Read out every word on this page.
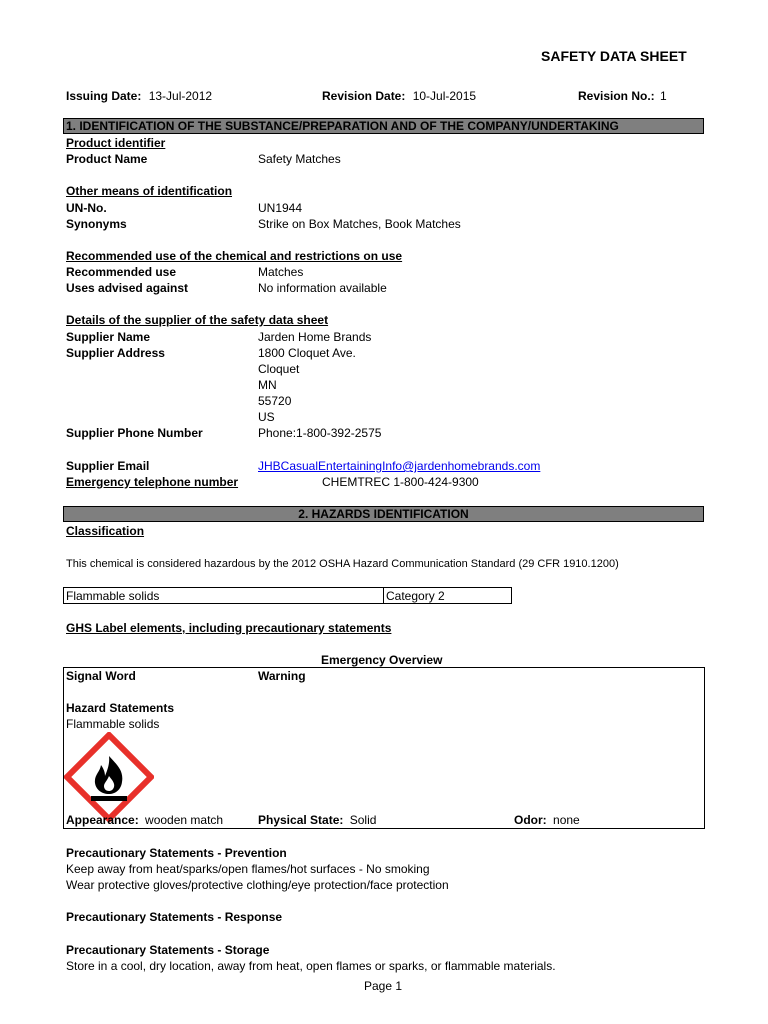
SAFETY DATA SHEET
Issuing Date: 13-Jul-2012	Revision Date: 10-Jul-2015	Revision No.: 1
1. IDENTIFICATION OF THE SUBSTANCE/PREPARATION AND OF THE COMPANY/UNDERTAKING
Product identifier
Product Name	Safety Matches
Other means of identification
UN-No.	UN1944
Synonyms	Strike on Box Matches, Book Matches
Recommended use of the chemical and restrictions on use
Recommended use	Matches
Uses advised against	No information available
Details of the supplier of the safety data sheet
Supplier Name	Jarden Home Brands
Supplier Address	1800 Cloquet Ave.
Cloquet
MN
55720
US
Supplier Phone Number	Phone:1-800-392-2575
Supplier Email	JHBCasualEntertainingInfo@jardenhomebrands.com
Emergency telephone number	CHEMTREC 1-800-424-9300
2. HAZARDS IDENTIFICATION
Classification
This chemical is considered hazardous by the 2012 OSHA Hazard Communication Standard (29 CFR 1910.1200)
Flammable solids	Category 2
GHS Label elements, including precautionary statements
Emergency Overview
Signal Word	Warning
Hazard Statements
Flammable solids
Appearance: wooden match	Physical State: Solid	Odor: none
Precautionary Statements - Prevention
Keep away from heat/sparks/open flames/hot surfaces - No smoking
Wear protective gloves/protective clothing/eye protection/face protection
Precautionary Statements - Response
Precautionary Statements - Storage
Store in a cool, dry location, away from heat, open flames or sparks, or flammable materials.
Page 1
